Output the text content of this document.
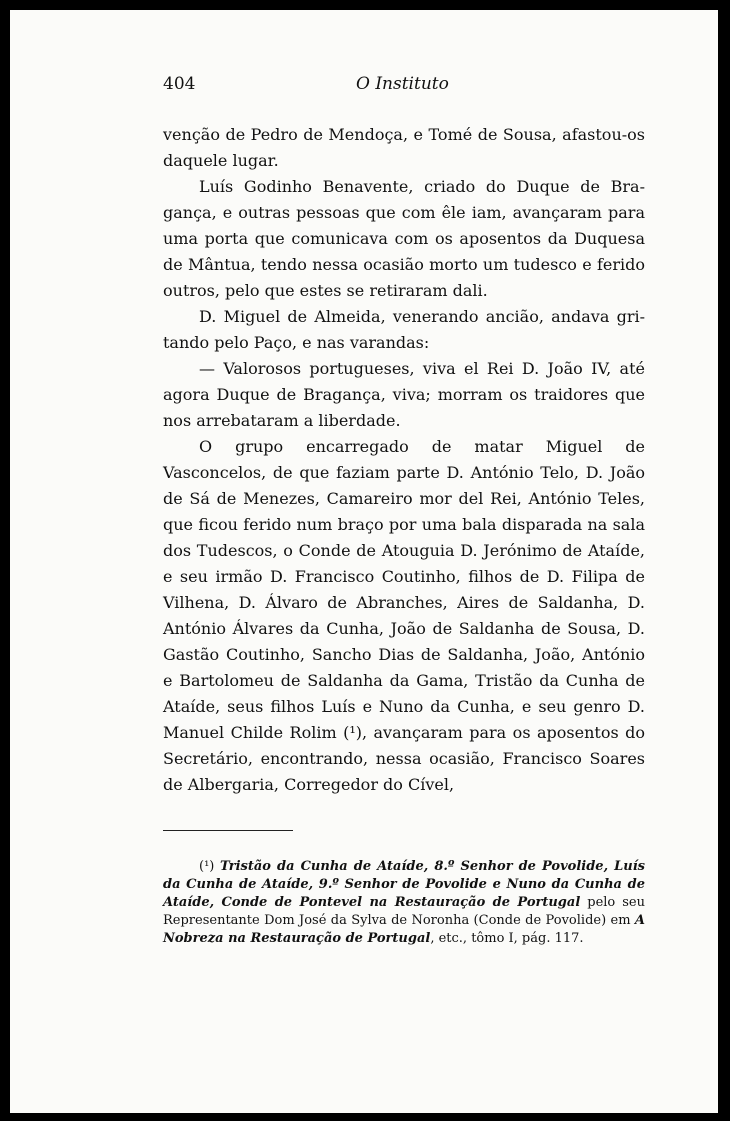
404	O Instituto

venção de Pedro de Mendoça, e Tomé de Sousa, afastou-os daquele lugar.

Luís Godinho Benavente, criado do Duque de Bragança, e outras pessoas que com êle iam, avançaram para uma porta que comunicava com os aposentos da Duquesa de Mântua, tendo nessa ocasião morto um tudesco e ferido outros, pelo que estes se retiraram dali.

D. Miguel de Almeida, venerando ancião, andava gritando pelo Paço, e nas varandas:

— Valorosos portugueses, viva el Rei D. João IV, até agora Duque de Bragança, viva; morram os traidores que nos arrebataram a liberdade.

O grupo encarregado de matar Miguel de Vasconcelos, de que faziam parte D. António Telo, D. João de Sá de Menezes, Camareiro mor del Rei, António Teles, que ficou ferido num braço por uma bala disparada na sala dos Tudescos, o Conde de Atouguia D. Jerónimo de Ataíde, e seu irmão D. Francisco Coutinho, filhos de D. Filipa de Vilhena, D. Álvaro de Abranches, Aires de Saldanha, D. António Álvares da Cunha, João de Saldanha de Sousa, D. Gastão Coutinho, Sancho Dias de Saldanha, João, António e Bartolomeu de Saldanha da Gama, Tristão da Cunha de Ataíde, seus filhos Luís e Nuno da Cunha, e seu genro D. Manuel Childe Rolim (¹), avançaram para os aposentos do Secretário, encontrando, nessa ocasião, Francisco Soares de Albergaria, Corregedor do Cível,

(¹) Tristão da Cunha de Ataíde, 8.º Senhor de Povolide, Luís da Cunha de Ataíde, 9.º Senhor de Povolide e Nuno da Cunha de Ataíde, Conde de Pontevel na Restauração de Portugal pelo seu Representante Dom José da Sylva de Noronha (Conde de Povolide) em A Nobreza na Restauração de Portugal, etc., tômo I, pág. 117.
